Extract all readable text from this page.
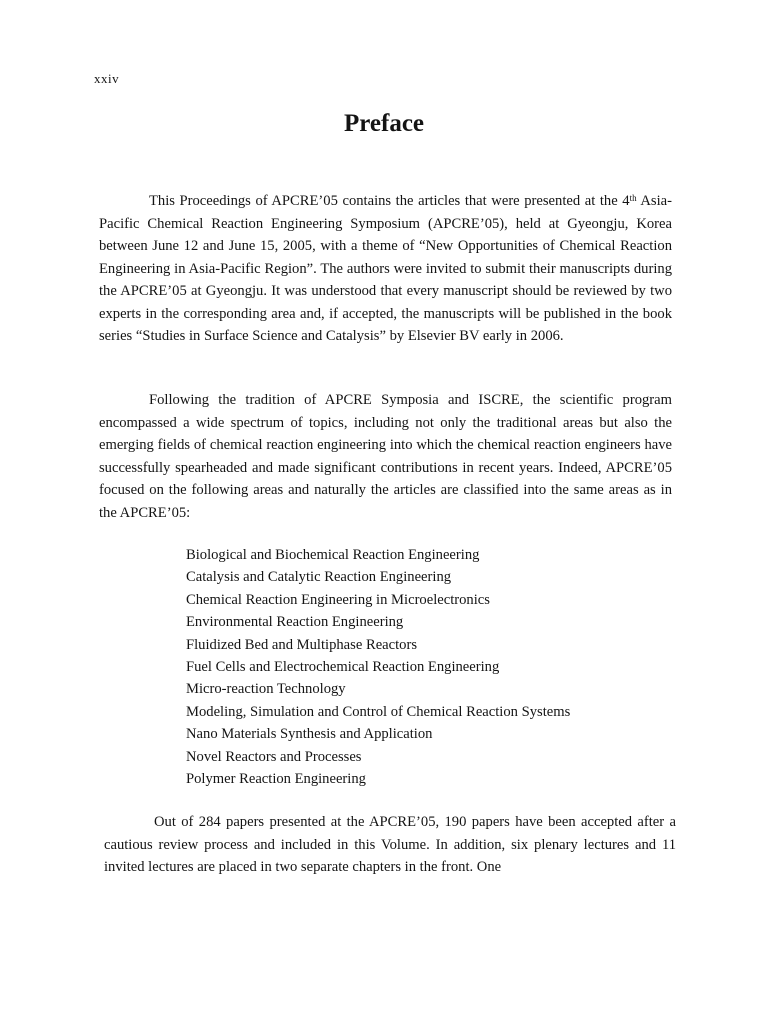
xxiv
Preface

This Proceedings of APCRE’05 contains the articles that were presented at the 4th Asia-Pacific Chemical Reaction Engineering Symposium (APCRE’05), held at Gyeongju, Korea between June 12 and June 15, 2005, with a theme of “New Opportunities of Chemical Reaction Engineering in Asia-Pacific Region”. The authors were invited to submit their manuscripts during the APCRE’05 at Gyeongju. It was understood that every manuscript should be reviewed by two experts in the corresponding area and, if accepted, the manuscripts will be published in the book series “Studies in Surface Science and Catalysis” by Elsevier BV early in 2006.

Following the tradition of APCRE Symposia and ISCRE, the scientific program encompassed a wide spectrum of topics, including not only the traditional areas but also the emerging fields of chemical reaction engineering into which the chemical reaction engineers have successfully spearheaded and made significant contributions in recent years. Indeed, APCRE’05 focused on the following areas and naturally the articles are classified into the same areas as in the APCRE’05:

Biological and Biochemical Reaction Engineering
Catalysis and Catalytic Reaction Engineering
Chemical Reaction Engineering in Microelectronics
Environmental Reaction Engineering
Fluidized Bed and Multiphase Reactors
Fuel Cells and Electrochemical Reaction Engineering
Micro-reaction Technology
Modeling, Simulation and Control of Chemical Reaction Systems
Nano Materials Synthesis and Application
Novel Reactors and Processes
Polymer Reaction Engineering

Out of 284 papers presented at the APCRE’05, 190 papers have been accepted after a cautious review process and included in this Volume. In addition, six plenary lectures and 11 invited lectures are placed in two separate chapters in the front. One
